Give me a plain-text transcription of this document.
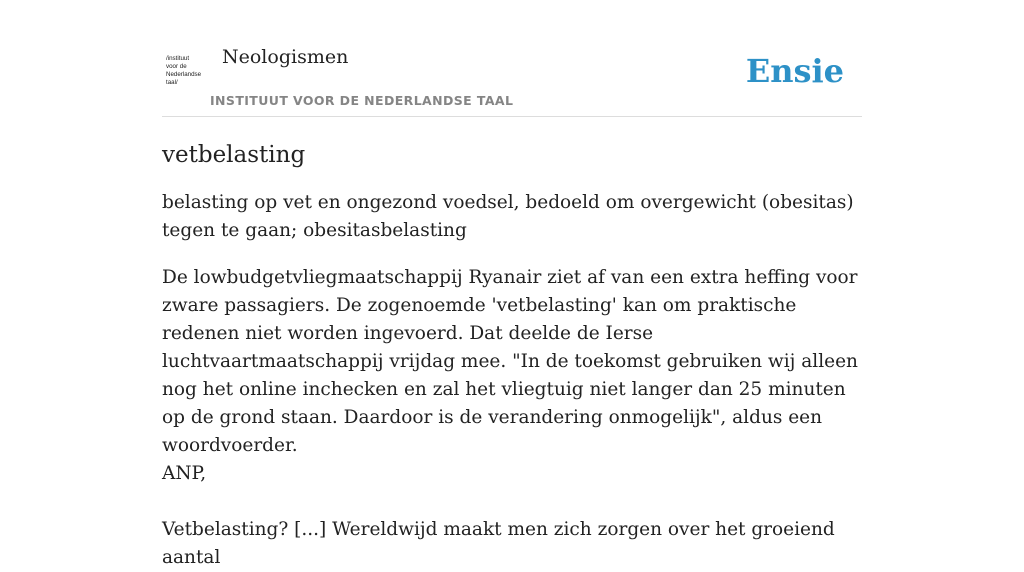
/instituut
voor de
Nederlandse
taal/
Neologismen
INSTITUUT VOOR DE NEDERLANDSE TAAL
Ensie
vetbelasting

belasting op vet en ongezond voedsel, bedoeld om overgewicht (obesitas) tegen te gaan; obesitasbelasting

De lowbudgetvliegmaatschappij Ryanair ziet af van een extra heffing voor zware passagiers. De zogenoemde 'vetbelasting' kan om praktische redenen niet worden ingevoerd. Dat deelde de Ierse luchtvaartmaatschappij vrijdag mee. "In de toekomst gebruiken wij alleen nog het online inchecken en zal het vliegtuig niet langer dan 25 minuten op de grond staan. Daardoor is de verandering onmogelijk", aldus een woordvoerder.

ANP,

Vetbelasting? [...] Wereldwijd maakt men zich zorgen over het groeiend aantal
